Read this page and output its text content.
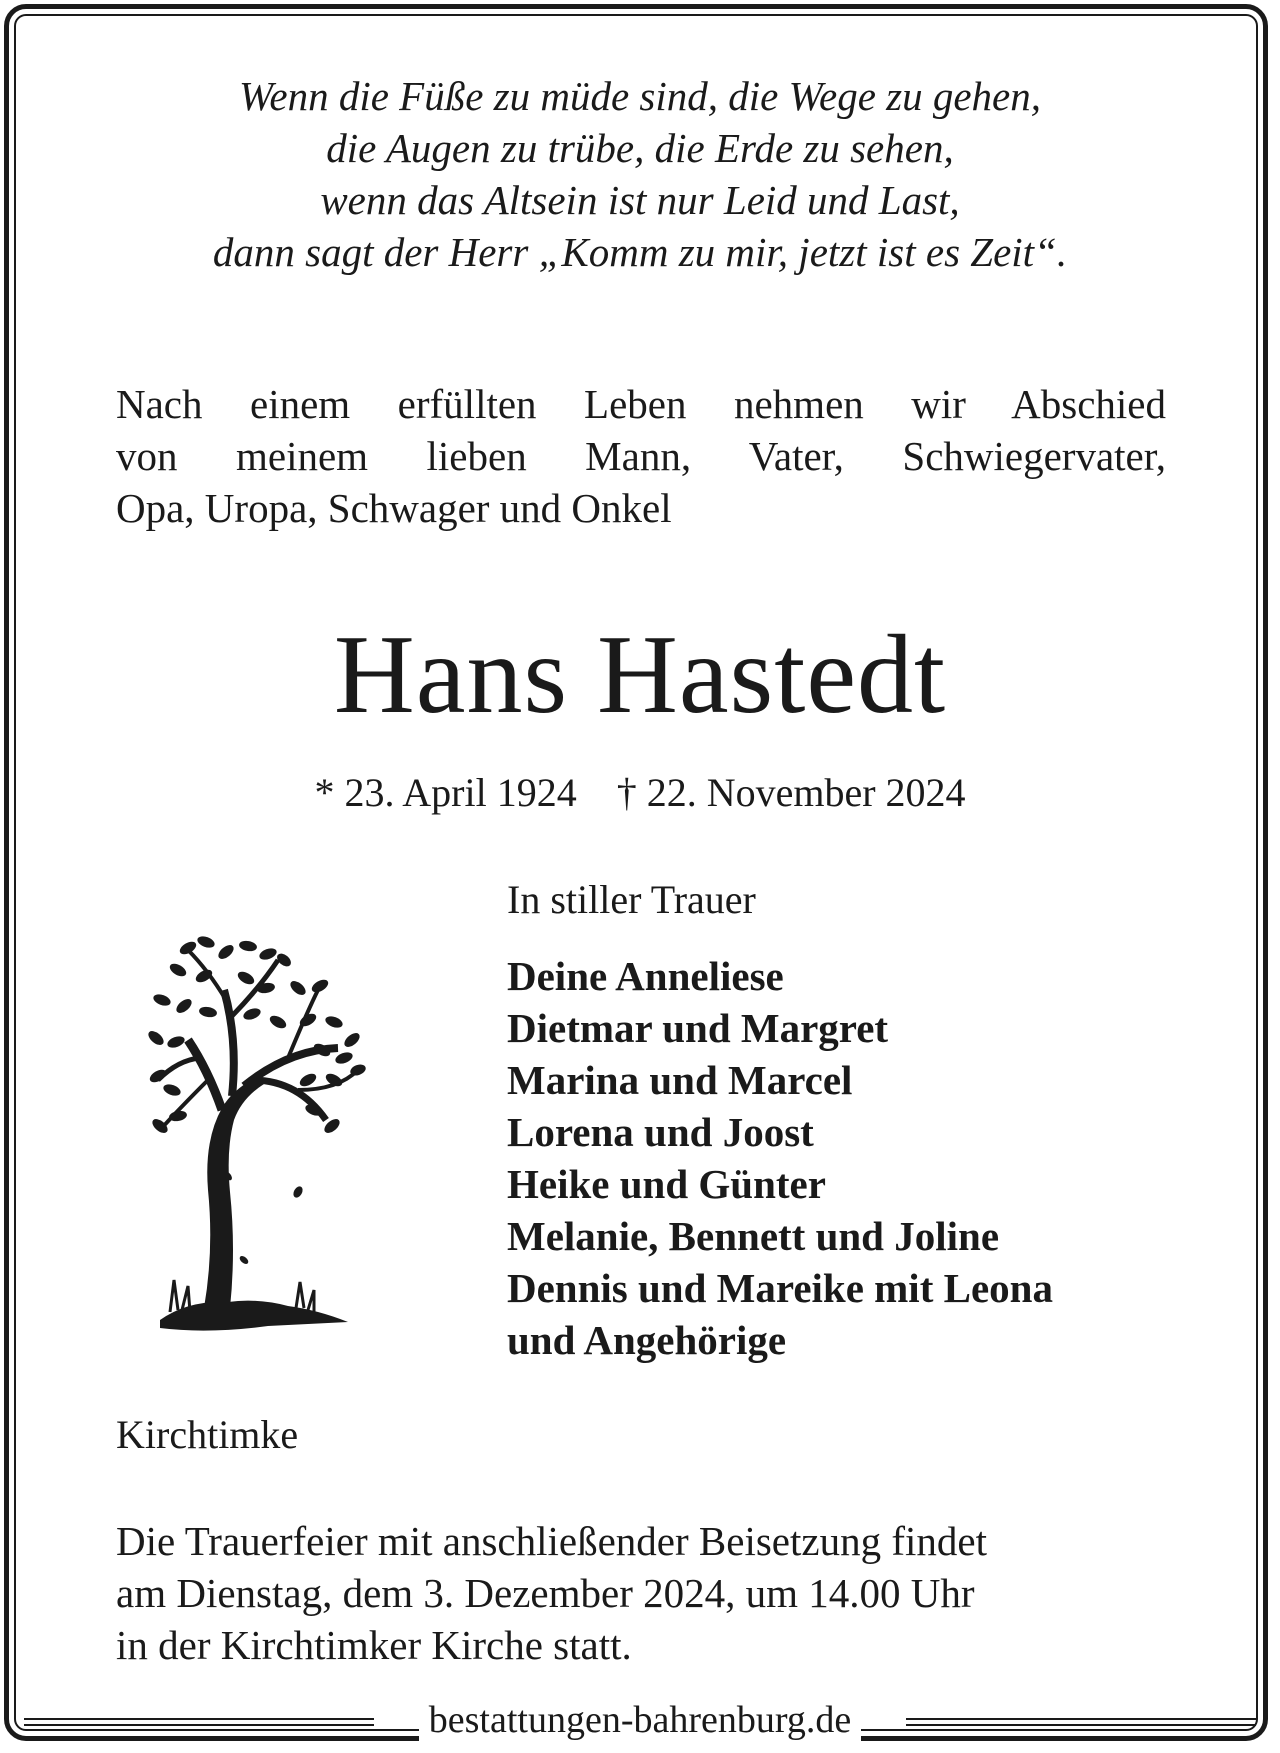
Wenn die Füße zu müde sind, die Wege zu gehen,
die Augen zu trübe, die Erde zu sehen,
wenn das Altsein ist nur Leid und Last,
dann sagt der Herr „Komm zu mir, jetzt ist es Zeit“.
Nach einem erfüllten Leben nehmen wir Abschied
von meinem lieben Mann, Vater, Schwiegervater,
Opa, Uropa, Schwager und Onkel
Hans Hastedt
* 23. April 1924 † 22. November 2024
In stiller Trauer
Deine Anneliese
Dietmar und Margret
Marina und Marcel
Lorena und Joost
Heike und Günter
Melanie, Bennett und Joline
Dennis und Mareike mit Leona
und Angehörige
Kirchtimke
Die Trauerfeier mit anschließender Beisetzung findet
am Dienstag, dem 3. Dezember 2024, um 14.00 Uhr
in der Kirchtimker Kirche statt.
bestattungen-bahrenburg.de
